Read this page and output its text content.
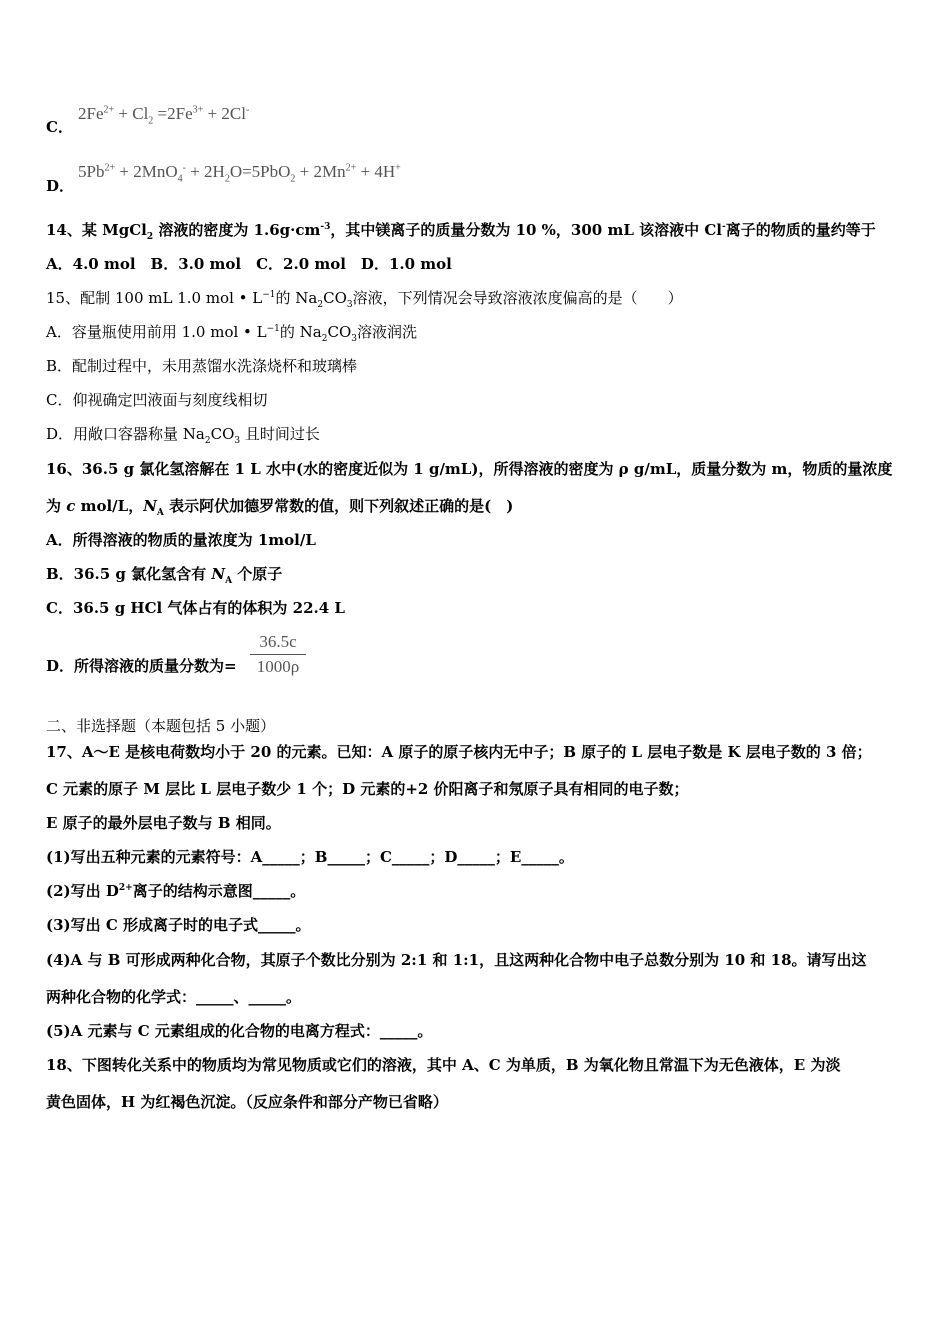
C．
$2Fe^{2+} + Cl_2 =2Fe^{3+} + 2Cl^-$
D．
$5Pb^{2+} + 2MnO_4^- + 2H_2O=5PbO_2 + 2Mn^{2+} + 4H^+$
14、某 MgCl$_2$ 溶液的密度为 $1.6g\cdot cm^{-3}$，其中镁离子的质量分数为 10 %，300 mL 该溶液中 Cl-离子的物质的量约等于
A．4.0 mol　B．3.0 mol　C．2.0 mol　D．1.0 mol
15、配制 100 mL 1.0 mol • $L^{-1}$的 $Na_2CO_3$溶液，下列情况会导致溶液浓度偏高的是（　　）
A．容量瓶使用前用 1.0 mol • $L^{-1}$的 $Na_2CO_3$溶液润洗
B．配制过程中，未用蒸馏水洗涤烧杯和玻璃棒
C．仰视确定凹液面与刻度线相切
D．用敞口容器称量 $Na_2CO_3$ 且时间过长
16、36.5 g 氯化氢溶解在 1 L 水中(水的密度近似为 1 g/mL)，所得溶液的密度为 ρ g/mL，质量分数为 m，物质的量浓度
为 c mol/L，$N_A$ 表示阿伏加德罗常数的值，则下列叙述正确的是(　)
A．所得溶液的物质的量浓度为 1mol/L
B．36.5 g 氯化氢含有 $N_A$ 个原子
C．36.5 g HCl 气体占有的体积为 22.4 L
D．所得溶液的质量分数为= $\frac{36.5c}{1000\rho}$
二、非选择题（本题包括 5 小题）
17、A～E 是核电荷数均小于 20 的元素。已知：A 原子的原子核内无中子；B 原子的 L 层电子数是 K 层电子数的 3 倍；
C 元素的原子 M 层比 L 层电子数少 1 个；D 元素的+2 价阳离子和氖原子具有相同的电子数；
E 原子的最外层电子数与 B 相同。
(1)写出五种元素的元素符号：A_____；B_____；C_____；D_____；E_____。
(2)写出 $D^{2+}$离子的结构示意图_____。
(3)写出 C 形成离子时的电子式_____。
(4)A 与 B 可形成两种化合物，其原子个数比分别为 2:1 和 1:1，且这两种化合物中电子总数分别为 10 和 18。请写出这
两种化合物的化学式：_____、_____。
(5)A 元素与 C 元素组成的化合物的电离方程式：_____。
18、下图转化关系中的物质均为常见物质或它们的溶液，其中 A、C 为单质，B 为氧化物且常温下为无色液体，E 为淡
黄色固体，H 为红褐色沉淀。（反应条件和部分产物已省略）
